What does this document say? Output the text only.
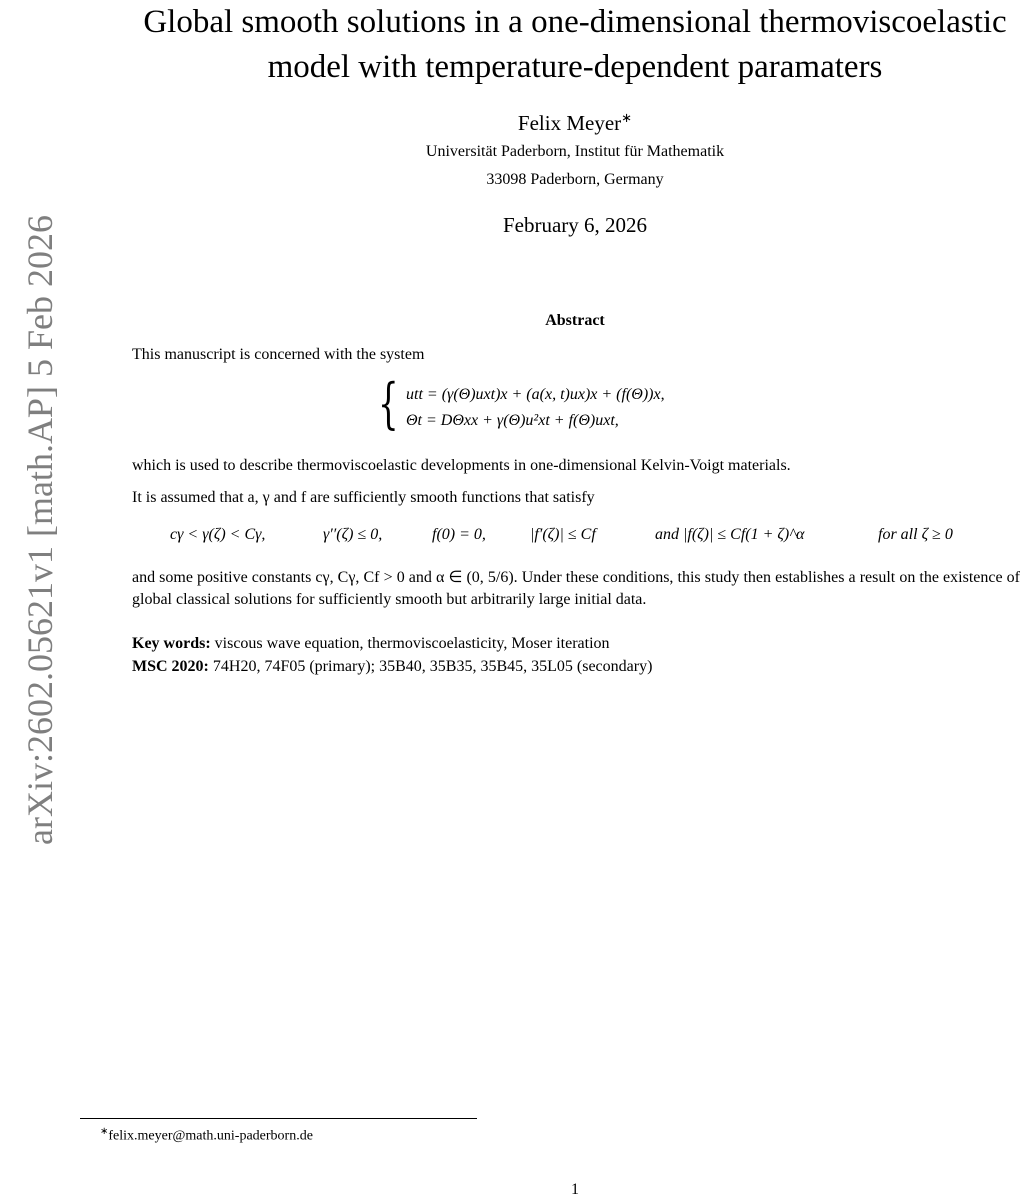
arXiv:2602.05621v1 [math.AP] 5 Feb 2026
Global smooth solutions in a one-dimensional thermoviscoelastic
model with temperature-dependent paramaters
Felix Meyer∗
Universität Paderborn, Institut für Mathematik
33098 Paderborn, Germany
February 6, 2026
Abstract
This manuscript is concerned with the system
{ utt = (γ(Θ)uxt)x + (a(x, t)ux)x + (f(Θ))x,
Θt = DΘxx + γ(Θ)u²xt + f(Θ)uxt,
which is used to describe thermoviscoelastic developments in one-dimensional Kelvin-Voigt materials.
It is assumed that a, γ and f are sufficiently smooth functions that satisfy
cγ < γ(ζ) < Cγ,	γ′′(ζ) ≤ 0,	f(0) = 0,	|f′(ζ)| ≤ Cf	and |f(ζ)| ≤ Cf(1 + ζ)^α	for all ζ ≥ 0
and some positive constants cγ, Cγ, Cf > 0 and α ∈ (0, 5/6). Under these conditions, this study then establishes a result on the existence of global classical solutions for sufficiently smooth but arbitrarily large initial data.
Key words: viscous wave equation, thermoviscoelasticity, Moser iteration
MSC 2020: 74H20, 74F05 (primary); 35B40, 35B35, 35B45, 35L05 (secondary)
∗felix.meyer@math.uni-paderborn.de
1
